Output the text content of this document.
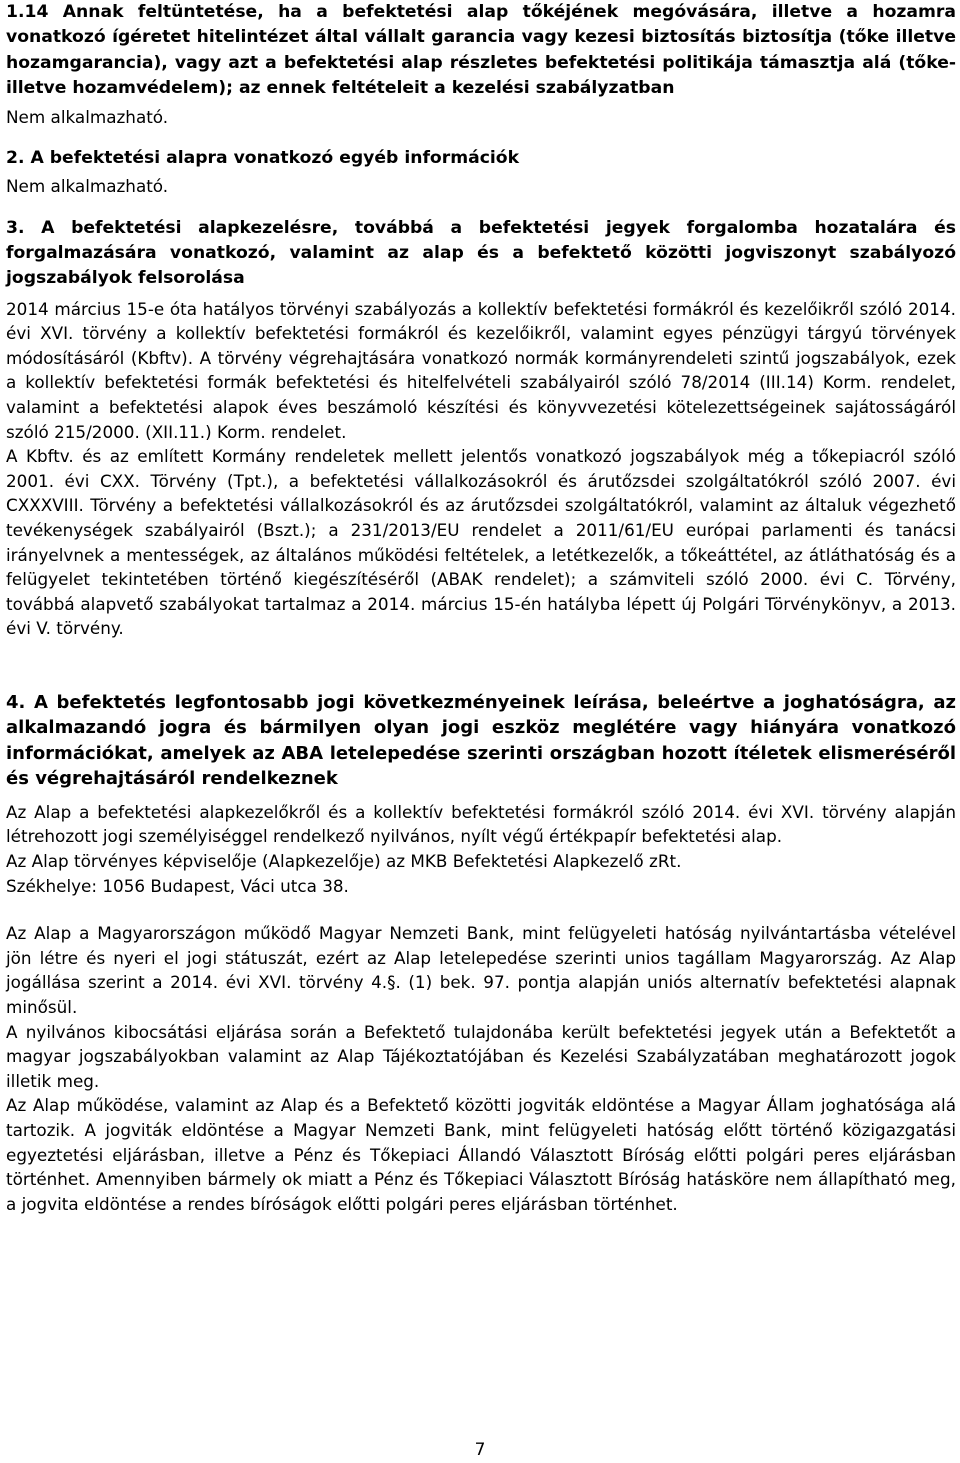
1.14 Annak feltüntetése, ha a befektetési alap tőkéjének megóvására, illetve a hozamra vonatkozó ígéretet hitelintézet által vállalt garancia vagy kezesi biztosítás biztosítja (tőke illetve hozamgarancia), vagy azt a befektetési alap részletes befektetési politikája támasztja alá (tőke-illetve hozamvédelem); az ennek feltételeit a kezelési szabályzatban

Nem alkalmazható.

2. A befektetési alapra vonatkozó egyéb információk

Nem alkalmazható.

3. A befektetési alapkezelésre, továbbá a befektetési jegyek forgalomba hozatalára és forgalmazására vonatkozó, valamint az alap és a befektető közötti jogviszonyt szabályozó jogszabályok felsorolása

2014 március 15-e óta hatályos törvényi szabályozás a kollektív befektetési formákról és kezelőikről szóló 2014. évi XVI. törvény a kollektív befektetési formákról és kezelőikről, valamint egyes pénzügyi tárgyú törvények módosításáról (Kbftv). A törvény végrehajtására vonatkozó normák kormányrendeleti szintű jogszabályok, ezek a kollektív befektetési formák befektetési és hitelfelvételi szabályairól szóló 78/2014 (III.14) Korm. rendelet, valamint a befektetési alapok éves beszámoló készítési és könyvvezetési kötelezettségeinek sajátosságáról szóló 215/2000. (XII.11.) Korm. rendelet.

A Kbftv. és az említett Kormány rendeletek mellett jelentős vonatkozó jogszabályok még a tőkepiacról szóló 2001. évi CXX. Törvény (Tpt.), a befektetési vállalkozásokról és árutőzsdei szolgáltatókról szóló 2007. évi CXXXVIII. Törvény a befektetési vállalkozásokról és az árutőzsdei szolgáltatókról, valamint az általuk végezhető tevékenységek szabályairól (Bszt.); a 231/2013/EU rendelet a 2011/61/EU európai parlamenti és tanácsi irányelvnek a mentességek, az általános működési feltételek, a letétkezelők, a tőkeáttétel, az átláthatóság és a felügyelet tekintetében történő kiegészítéséről (ABAK rendelet); a számviteli szóló 2000. évi C. Törvény, továbbá alapvető szabályokat tartalmaz a 2014. március 15-én hatályba lépett új Polgári Törvénykönyv, a 2013. évi V. törvény.

4. A befektetés legfontosabb jogi következményeinek leírása, beleértve a joghatóságra, az alkalmazandó jogra és bármilyen olyan jogi eszköz meglétére vagy hiányára vonatkozó információkat, amelyek az ABA letelepedése szerinti országban hozott ítéletek elismeréséről és végrehajtásáról rendelkeznek

Az Alap a befektetési alapkezelőkről és a kollektív befektetési formákról szóló 2014. évi XVI. törvény alapján létrehozott jogi személyiséggel rendelkező nyilvános, nyílt végű értékpapír befektetési alap.

Az Alap törvényes képviselője (Alapkezelője) az MKB Befektetési Alapkezelő zRt.

Székhelye: 1056 Budapest, Váci utca 38.

Az Alap a Magyarországon működő Magyar Nemzeti Bank, mint felügyeleti hatóság nyilvántartásba vételével jön létre és nyeri el jogi státuszát, ezért az Alap letelepedése szerinti unios tagállam Magyarország. Az Alap jogállása szerint a 2014. évi XVI. törvény 4.§. (1) bek. 97. pontja alapján uniós alternatív befektetési alapnak minősül.

A nyilvános kibocsátási eljárása során a Befektető tulajdonába került befektetési jegyek után a Befektetőt a magyar jogszabályokban valamint az Alap Tájékoztatójában és Kezelési Szabályzatában meghatározott jogok illetik meg.

Az Alap működése, valamint az Alap és a Befektető közötti jogviták eldöntése a Magyar Állam joghatósága alá tartozik. A jogviták eldöntése a Magyar Nemzeti Bank, mint felügyeleti hatóság előtt történő közigazgatási egyeztetési eljárásban, illetve a Pénz és Tőkepiaci Állandó Választott Bíróság előtti polgári peres eljárásban történhet. Amennyiben bármely ok miatt a Pénz és Tőkepiaci Választott Bíróság hatásköre nem állapítható meg, a jogvita eldöntése a rendes bíróságok előtti polgári peres eljárásban történhet.

7
